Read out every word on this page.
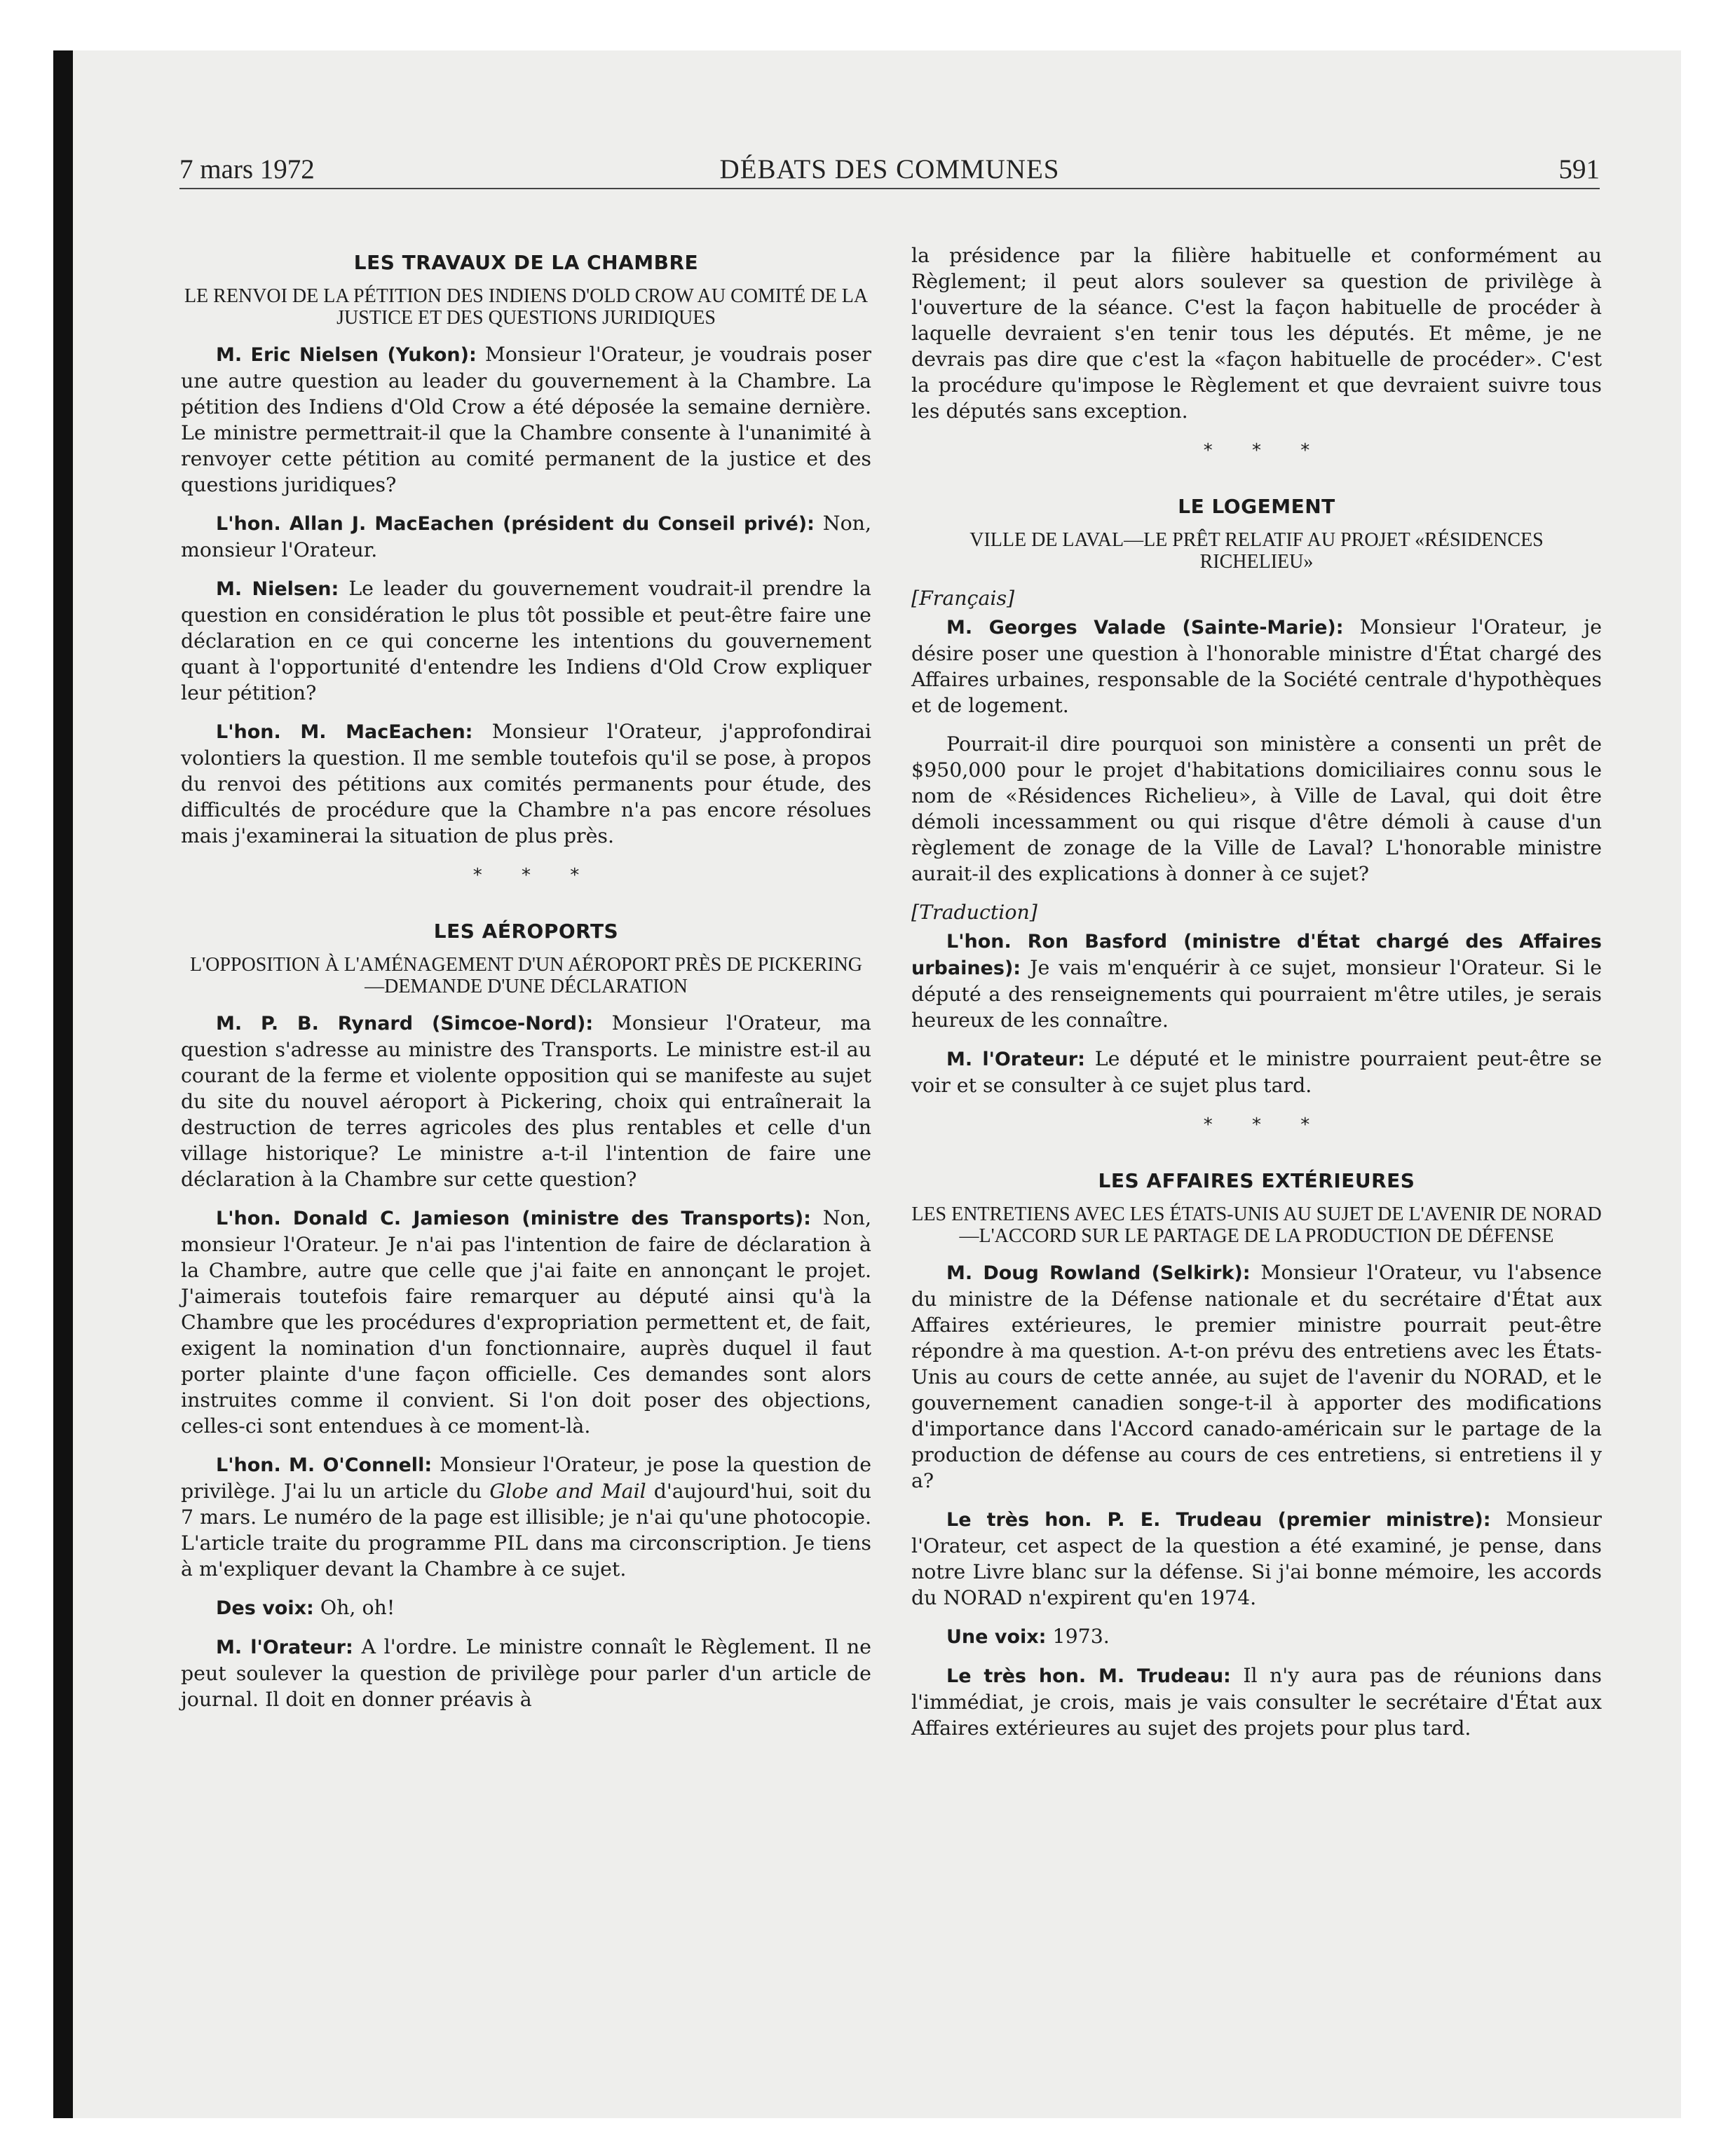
7 mars 1972	DÉBATS DES COMMUNES	591
LES TRAVAUX DE LA CHAMBRE
LE RENVOI DE LA PÉTITION DES INDIENS D'OLD CROW AU COMITÉ DE LA JUSTICE ET DES QUESTIONS JURIDIQUES

M. Eric Nielsen (Yukon): Monsieur l'Orateur, je voudrais poser une autre question au leader du gouvernement à la Chambre. La pétition des Indiens d'Old Crow a été déposée la semaine dernière. Le ministre permettrait-il que la Chambre consente à l'unanimité à renvoyer cette pétition au comité permanent de la justice et des questions juridiques?

L'hon. Allan J. MacEachen (président du Conseil privé): Non, monsieur l'Orateur.

M. Nielsen: Le leader du gouvernement voudrait-il prendre la question en considération le plus tôt possible et peut-être faire une déclaration en ce qui concerne les intentions du gouvernement quant à l'opportunité d'entendre les Indiens d'Old Crow expliquer leur pétition?

L'hon. M. MacEachen: Monsieur l'Orateur, j'approfondirai volontiers la question. Il me semble toutefois qu'il se pose, à propos du renvoi des pétitions aux comités permanents pour étude, des difficultés de procédure que la Chambre n'a pas encore résolues mais j'examinerai la situation de plus près.

* * *
LES AÉROPORTS
L'OPPOSITION À L'AMÉNAGEMENT D'UN AÉROPORT PRÈS DE PICKERING—DEMANDE D'UNE DÉCLARATION

M. P. B. Rynard (Simcoe-Nord): Monsieur l'Orateur, ma question s'adresse au ministre des Transports. Le ministre est-il au courant de la ferme et violente opposition qui se manifeste au sujet du site du nouvel aéroport à Pickering, choix qui entraînerait la destruction de terres agricoles des plus rentables et celle d'un village historique? Le ministre a-t-il l'intention de faire une déclaration à la Chambre sur cette question?

L'hon. Donald C. Jamieson (ministre des Transports): Non, monsieur l'Orateur. Je n'ai pas l'intention de faire de déclaration à la Chambre, autre que celle que j'ai faite en annonçant le projet. J'aimerais toutefois faire remarquer au député ainsi qu'à la Chambre que les procédures d'expropriation permettent et, de fait, exigent la nomination d'un fonctionnaire, auprès duquel il faut porter plainte d'une façon officielle. Ces demandes sont alors instruites comme il convient. Si l'on doit poser des objections, celles-ci sont entendues à ce moment-là.

L'hon. M. O'Connell: Monsieur l'Orateur, je pose la question de privilège. J'ai lu un article du Globe and Mail d'aujourd'hui, soit du 7 mars. Le numéro de la page est illisible; je n'ai qu'une photocopie. L'article traite du programme PIL dans ma circonscription. Je tiens à m'expliquer devant la Chambre à ce sujet.

Des voix: Oh, oh!

M. l'Orateur: A l'ordre. Le ministre connaît le Règlement. Il ne peut soulever la question de privilège pour parler d'un article de journal. Il doit en donner préavis à

la présidence par la filière habituelle et conformément au Règlement; il peut alors soulever sa question de privilège à l'ouverture de la séance. C'est la façon habituelle de procéder à laquelle devraient s'en tenir tous les députés. Et même, je ne devrais pas dire que c'est la «façon habituelle de procéder». C'est la procédure qu'impose le Règlement et que devraient suivre tous les députés sans exception.

* * *
LE LOGEMENT
VILLE DE LAVAL—LE PRÊT RELATIF AU PROJET «RÉSIDENCES RICHELIEU»
[Français]

M. Georges Valade (Sainte-Marie): Monsieur l'Orateur, je désire poser une question à l'honorable ministre d'État chargé des Affaires urbaines, responsable de la Société centrale d'hypothèques et de logement.

Pourrait-il dire pourquoi son ministère a consenti un prêt de $950,000 pour le projet d'habitations domiciliaires connu sous le nom de «Résidences Richelieu», à Ville de Laval, qui doit être démoli incessamment ou qui risque d'être démoli à cause d'un règlement de zonage de la Ville de Laval? L'honorable ministre aurait-il des explications à donner à ce sujet?

[Traduction]

L'hon. Ron Basford (ministre d'État chargé des Affaires urbaines): Je vais m'enquérir à ce sujet, monsieur l'Orateur. Si le député a des renseignements qui pourraient m'être utiles, je serais heureux de les connaître.

M. l'Orateur: Le député et le ministre pourraient peut-être se voir et se consulter à ce sujet plus tard.

* * *
LES AFFAIRES EXTÉRIEURES
LES ENTRETIENS AVEC LES ÉTATS-UNIS AU SUJET DE L'AVENIR DE NORAD—L'ACCORD SUR LE PARTAGE DE LA PRODUCTION DE DÉFENSE

M. Doug Rowland (Selkirk): Monsieur l'Orateur, vu l'absence du ministre de la Défense nationale et du secrétaire d'État aux Affaires extérieures, le premier ministre pourrait peut-être répondre à ma question. A-t-on prévu des entretiens avec les États-Unis au cours de cette année, au sujet de l'avenir du NORAD, et le gouvernement canadien songe-t-il à apporter des modifications d'importance dans l'Accord canado-américain sur le partage de la production de défense au cours de ces entretiens, si entretiens il y a?

Le très hon. P. E. Trudeau (premier ministre): Monsieur l'Orateur, cet aspect de la question a été examiné, je pense, dans notre Livre blanc sur la défense. Si j'ai bonne mémoire, les accords du NORAD n'expirent qu'en 1974.

Une voix: 1973.

Le très hon. M. Trudeau: Il n'y aura pas de réunions dans l'immédiat, je crois, mais je vais consulter le secrétaire d'État aux Affaires extérieures au sujet des projets pour plus tard.
